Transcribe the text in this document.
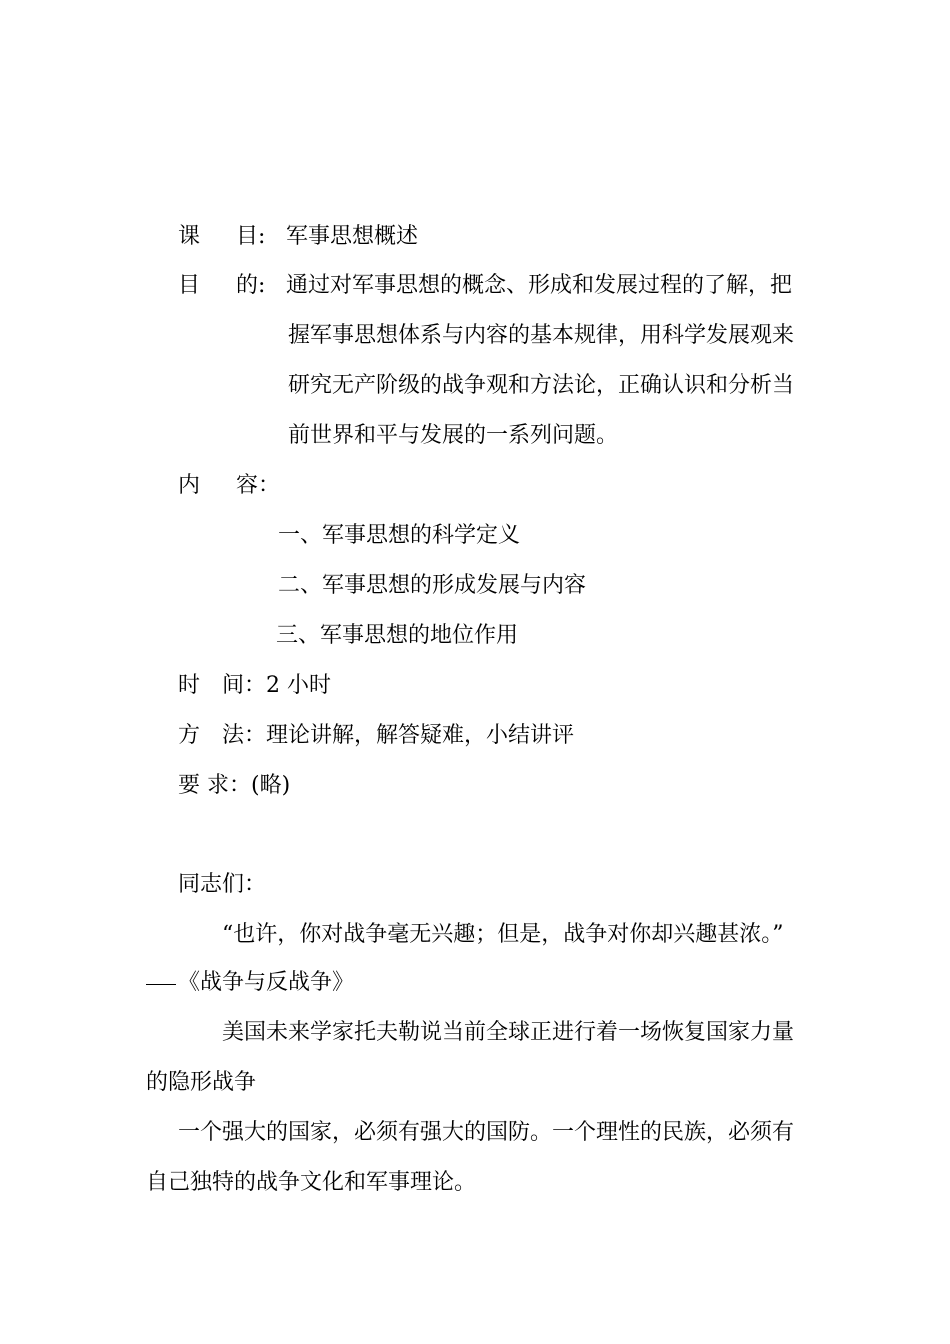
课 目: 军事思想概述
目 的: 通过对军事思想的概念、形成和发展过程的了解，把
握军事思想体系与内容的基本规律，用科学发展观来
研究无产阶级的战争观和方法论，正确认识和分析当
前世界和平与发展的一系列问题。
内 容：
一、军事思想的科学定义
二、军事思想的形成发展与内容
三、军事思想的地位作用
时　间：2 小时
方　法：理论讲解，解答疑难，小结讲评
要 求：(略)
同志们：
“也许，你对战争毫无兴趣；但是，战争对你却兴趣甚浓。”
《战争与反战争》
美国未来学家托夫勒说当前全球正进行着一场恢复国家力量
的隐形战争
一个强大的国家，必须有强大的国防。一个理性的民族，必须有
自己独特的战争文化和军事理论。
